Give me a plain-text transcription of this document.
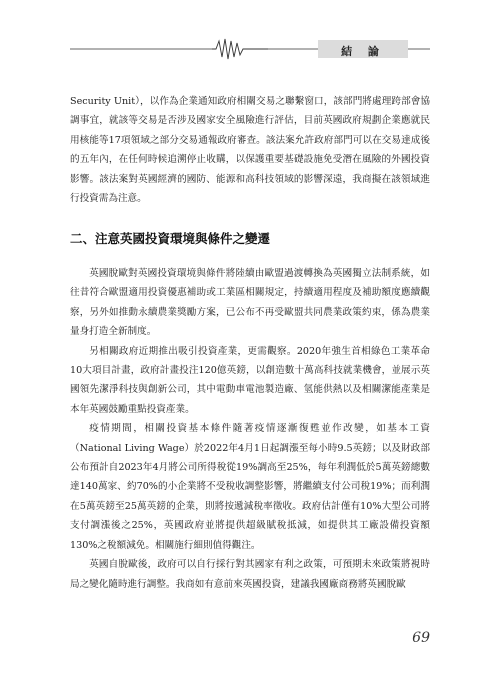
結 論

Security Unit），以作為企業通知政府相關交易之聯繫窗口，該部門將處理跨部會協調事宜，就該等交易是否涉及國家安全風險進行評估，目前英國政府規劃企業應就民用核能等17項領域之部分交易通報政府審查。該法案允許政府部門可以在交易達成後的五年內，在任何時候追溯停止收購，以保護重要基礎設施免受潛在風險的外國投資影響。該法案對英國經濟的國防、能源和高科技領域的影響深遠，我商擬在該領域進行投資需為注意。

二、注意英國投資環境與條件之變遷

英國脫歐對英國投資環境與條件將陸續由歐盟過渡轉換為英國獨立法制系統，如往昔符合歐盟適用投資優惠補助或工業區相關規定，持續適用程度及補助額度應續觀察，另外如推動永續農業獎勵方案，已公布不再受歐盟共同農業政策約束，係為農業量身打造全新制度。

另相關政府近期推出吸引投資產業，更需觀察。2020年強生首相綠色工業革命10大項目計畫，政府計畫投注120億英鎊，以創造數十萬高科技就業機會，並展示英國領先潔淨科技與創新公司，其中電動車電池製造廠、氫能供熱以及相關潔能產業是本年英國鼓勵重點投資產業。

疫情期間，相關投資基本條件隨著疫情逐漸復甦並作改變，如基本工資（National Living Wage）於2022年4月1日起調漲至每小時9.5英鎊；以及財政部公布預計自2023年4月將公司所得稅從19%調高至25%，每年利潤低於5萬英鎊總數達140萬家、約70%的小企業將不受稅收調整影響，將繼續支付公司稅19%；而利潤在5萬英鎊至25萬英鎊的企業，則將按遞減稅率徵收。政府估計僅有10%大型公司將支付調漲後之25%，英國政府並將提供超級賦稅抵減，如提供其工廠設備投資額130%之稅額減免。相關施行細則值得觀注。

英國自脫歐後，政府可以自行採行對其國家有利之政策，可預期未來政策將視時局之變化隨時進行調整。我商如有意前來英國投資，建議我國廠商務將英國脫歐

69
